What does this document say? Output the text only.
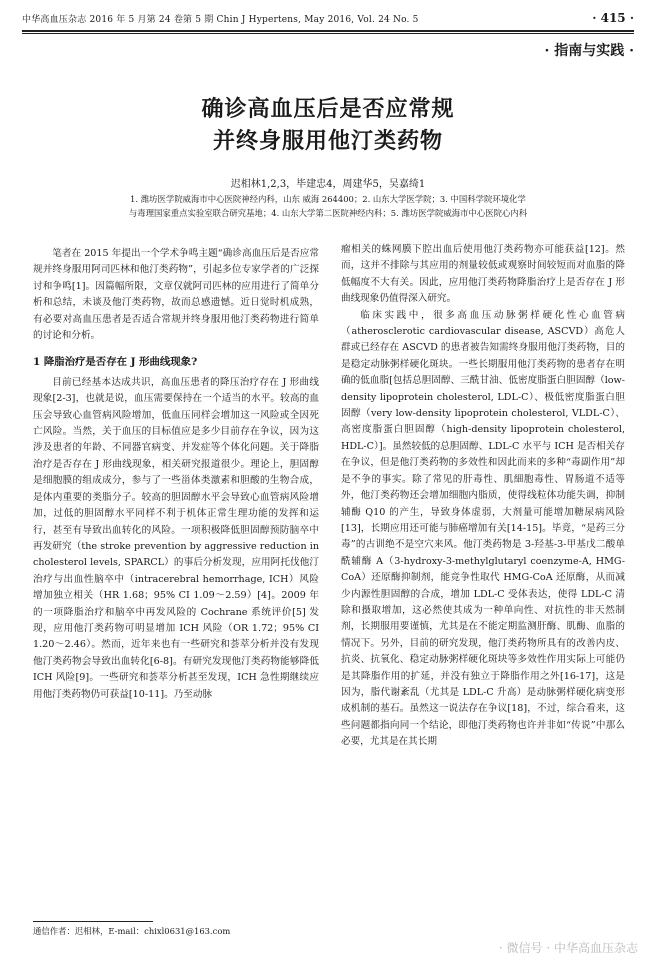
中华高血压杂志 2016 年 5 月第 24 卷第 5 期 Chin J Hypertens, May 2016, Vol. 24 No. 5	· 415 ·
· 指南与实践 ·
确诊高血压后是否应常规
并终身服用他汀类药物
迟相林1,2,3，毕建忠4，周建华5，吴嘉绮1
1. 潍坊医学院威海市中心医院神经内科，山东 威海 264400；2. 山东大学医学院；3. 中国科学院环境化学
与毒理国家重点实验室联合研究基地；4. 山东大学第二医院神经内科；5. 潍坊医学院威海市中心医院心内科

笔者在 2015 年提出一个学术争鸣主题“确诊高血压后是否应常规并终身服用阿司匹林和他汀类药物”，引起多位专家学者的广泛探讨和争鸣[1]。因篇幅所限，文章仅就阿司匹林的应用进行了简单分析和总结，未谈及他汀类药物，故而总感遗憾。近日觉时机成熟，有必要对高血压患者是否适合常规并终身服用他汀类药物进行简单的讨论和分析。

1 降脂治疗是否存在 J 形曲线现象?

目前已经基本达成共识，高血压患者的降压治疗存在 J 形曲线现象[2-3]，也就是说，血压需要保持在一个适当的水平。较高的血压会导致心血管病风险增加，低血压同样会增加这一风险或全因死亡风险。当然，关于血压的目标值应是多少目前存在争议，因为这涉及患者的年龄、不同器官病变、并发症等个体化问题。关于降脂治疗是否存在 J 形曲线现象，相关研究报道很少。理论上，胆固醇是细胞膜的组成成分，参与了一些甾体类激素和胆酸的生物合成，是体内重要的类脂分子。较高的胆固醇水平会导致心血管病风险增加，过低的胆固醇水平同样不利于机体正常生理功能的发挥和运行，甚至有导致出血转化的风险。一项积极降低胆固醇预防脑卒中再发研究（the stroke prevention by aggressive reduction in cholesterol levels, SPARCL）的事后分析发现，应用阿托伐他汀治疗与出血性脑卒中（intracerebral hemorrhage, ICH）风险增加独立相关（HR 1.68；95% CI 1.09～2.59）[4]。2009 年的一项降脂治疗和脑卒中再发风险的 Cochrane 系统评价[5] 发现，应用他汀类药物可明显增加 ICH 风险（OR 1.72；95% CI 1.20～2.46）。然而，近年来也有一些研究和荟萃分析并没有发现他汀类药物会导致出血转化[6-8]。有研究发现他汀类药物能够降低 ICH 风险[9]。一些研究和荟萃分析甚至发现，ICH 急性期继续应用他汀类药物仍可获益[10-11]。乃至动脉

瘤相关的蛛网膜下腔出血后使用他汀类药物亦可能获益[12]。然而，这并不排除与其应用的剂量较低或观察时间较短而对血脂的降低幅度不大有关。因此，应用他汀类药物降脂治疗上是否存在 J 形曲线现象仍值得深入研究。

临床实践中，很多高血压动脉粥样硬化性心血管病（atherosclerotic cardiovascular disease, ASCVD）高危人群或已经存在 ASCVD 的患者被告知需终身服用他汀类药物，目的是稳定动脉粥样硬化斑块。一些长期服用他汀类药物的患者存在明确的低血脂[包括总胆固醇、三酰甘油、低密度脂蛋白胆固醇（low-density lipoprotein cholesterol, LDL-C）、极低密度脂蛋白胆固醇（very low-density lipoprotein cholesterol, VLDL-C）、高密度脂蛋白胆固醇（high-density lipoprotein cholesterol, HDL-C）]。虽然较低的总胆固醇、LDL-C 水平与 ICH 是否相关存在争议，但是他汀类药物的多效性和因此而来的多种“毒副作用”却是不争的事实。除了常见的肝毒性、肌細胞毒性、胃肠道不适等外，他汀类药物还会增加细胞内脂质，使得线粒体功能失调，抑制辅酶 Q10 的产生，导致身体虚弱，大剂量可能增加糖尿病风险[13]，长期应用还可能与肺癌增加有关[14-15]。毕竟，“是药三分毒”的古训绝不是空穴来风。他汀类药物是 3-羟基-3-甲基戊二酸单酰辅酶 A（3-hydroxy-3-methylglutaryl coenzyme-A, HMG-CoA）还原酶抑制剂，能竞争性取代 HMG-CoA 还原酶，从而减少内源性胆固醇的合成，增加 LDL-C 受体表达，使得 LDL-C 清除和摄取增加，这必然使其成为一种单向性、对抗性的非天然制剂，长期服用要谨慎，尤其是在不能定期监测肝酶、肌酶、血脂的情况下。另外，目前的研究发现，他汀类药物所具有的改善内皮、抗炎、抗氧化、稳定动脉粥样硬化斑块等多效性作用实际上可能仍是其降脂作用的扩延，并没有独立于降脂作用之外[16-17]，这是因为，脂代谢紊乱（尤其是 LDL-C 升高）是动脉粥样硬化病变形成机制的基石。虽然这一说法存在争议[18]，不过，综合看来，这些问题都指向同一个结论，即他汀类药物也许并非如“传说”中那么必要，尤其是在其长期

通信作者：迟相林，E-mail：chixl0631@163.com
· 微信号 · 中华高血压杂志
